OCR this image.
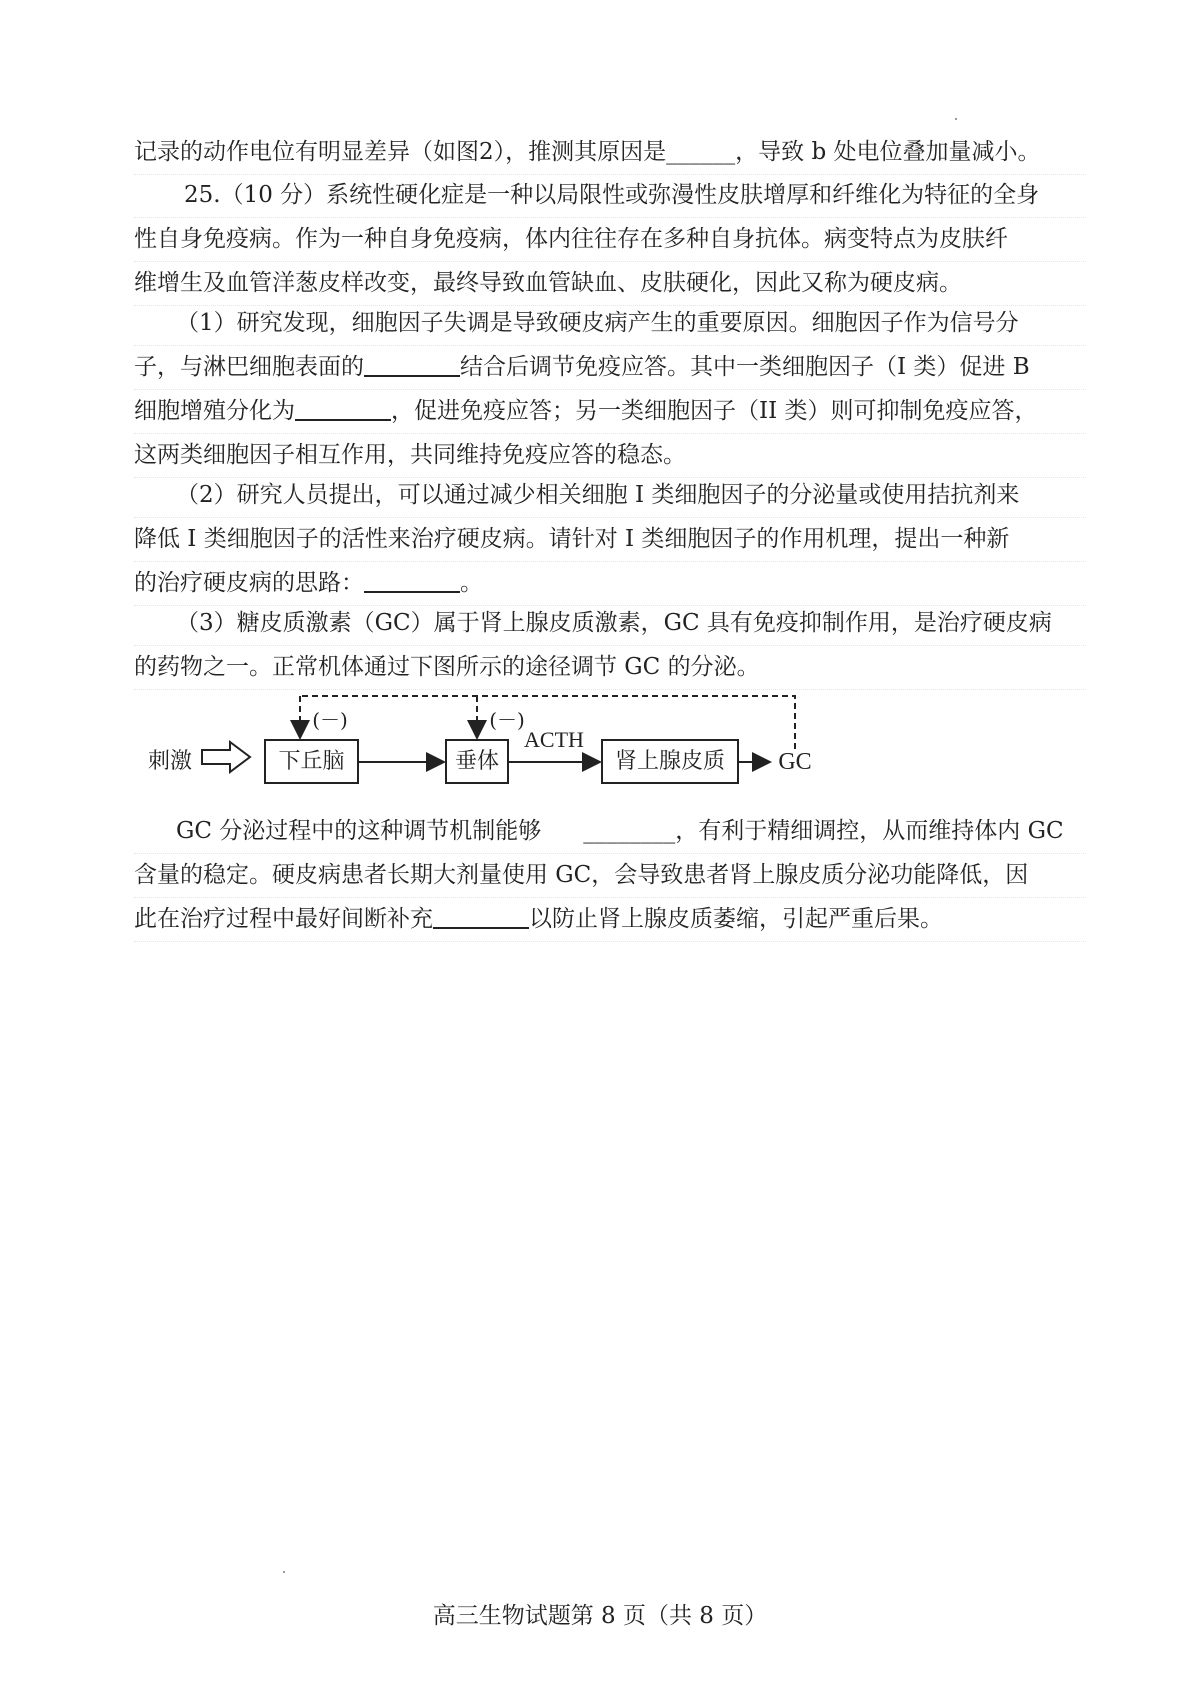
记录的动作电位有明显差异（如图2），推测其原因是______，导致 b 处电位叠加量减小。
25.（10 分）系统性硬化症是一种以局限性或弥漫性皮肤增厚和纤维化为特征的全身
性自身免疫病。作为一种自身免疫病，体内往往存在多种自身抗体。病变特点为皮肤纤
维增生及血管洋葱皮样改变，最终导致血管缺血、皮肤硬化，因此又称为硬皮病。
（1）研究发现，细胞因子失调是导致硬皮病产生的重要原因。细胞因子作为信号分
子，与淋巴细胞表面的	结合后调节免疫应答。其中一类细胞因子（I 类）促进 B
细胞增殖分化为	，促进免疫应答；另一类细胞因子（II 类）则可抑制免疫应答，
这两类细胞因子相互作用，共同维持免疫应答的稳态。
（2）研究人员提出，可以通过减少相关细胞 I 类细胞因子的分泌量或使用拮抗剂来
降低 I 类细胞因子的活性来治疗硬皮病。请针对 I 类细胞因子的作用机理，提出一种新
的治疗硬皮病的思路：	。
（3）糖皮质激素（GC）属于肾上腺皮质激素，GC 具有免疫抑制作用，是治疗硬皮病
的药物之一。正常机体通过下图所示的途径调节 GC 的分泌。
刺激	下丘脑	垂体
ACTH
肾上腺皮质	GC
(－)	(－)
GC 分泌过程中的这种调节机制能够 ________，有利于精细调控，从而维持体内 GC
含量的稳定。硬皮病患者长期大剂量使用 GC，会导致患者肾上腺皮质分泌功能降低，因
此在治疗过程中最好间断补充	以防止肾上腺皮质萎缩，引起严重后果。
高三生物试题第 8 页（共 8 页）
